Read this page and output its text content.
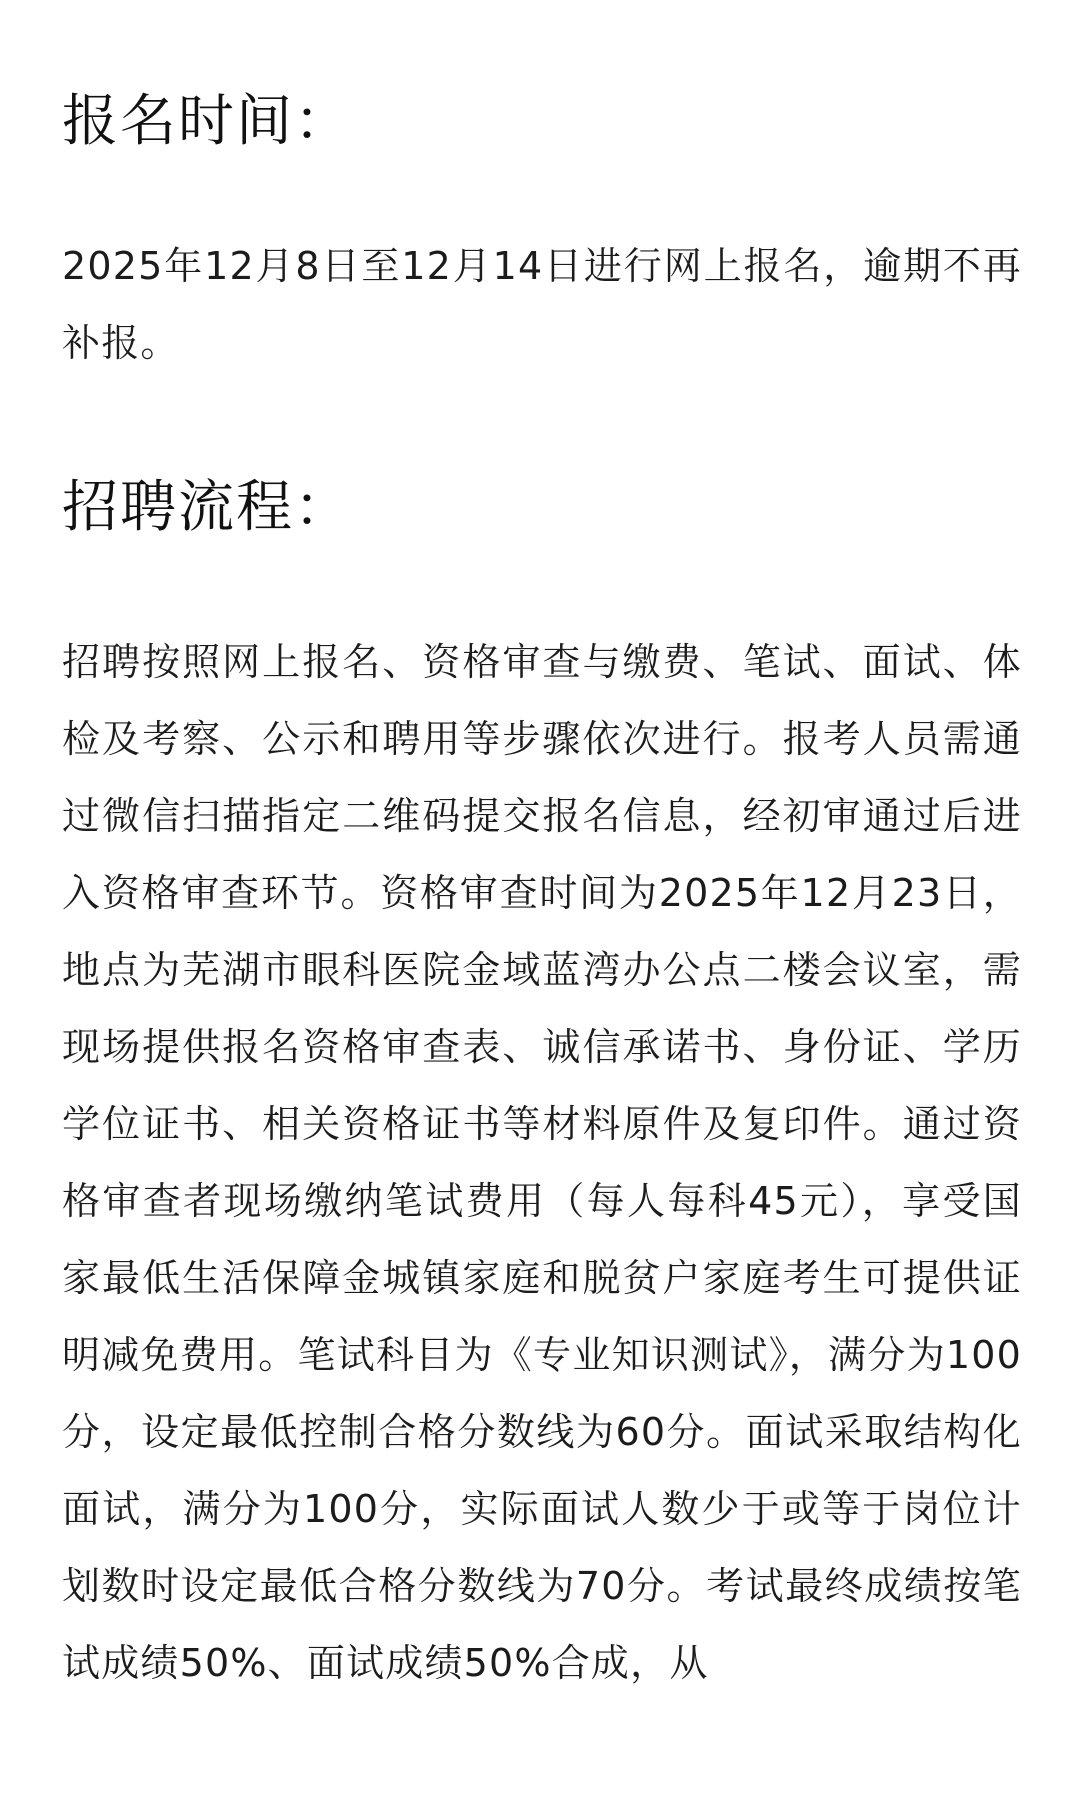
报名时间：

2025年12月8日至12月14日进行网上报名，逾期不再补报。

招聘流程：

招聘按照网上报名、资格审查与缴费、笔试、面试、体检及考察、公示和聘用等步骤依次进行。报考人员需通过微信扫描指定二维码提交报名信息，经初审通过后进入资格审查环节。资格审查时间为2025年12月23日，地点为芜湖市眼科医院金域蓝湾办公点二楼会议室，需现场提供报名资格审查表、诚信承诺书、身份证、学历学位证书、相关资格证书等材料原件及复印件。通过资格审查者现场缴纳笔试费用（每人每科45元），享受国家最低生活保障金城镇家庭和脱贫户家庭考生可提供证明减免费用。笔试科目为《专业知识测试》，满分为100分，设定最低控制合格分数线为60分。面试采取结构化面试，满分为100分，实际面试人数少于或等于岗位计划数时设定最低合格分数线为70分。考试最终成绩按笔试成绩50%、面试成绩50%合成，从
